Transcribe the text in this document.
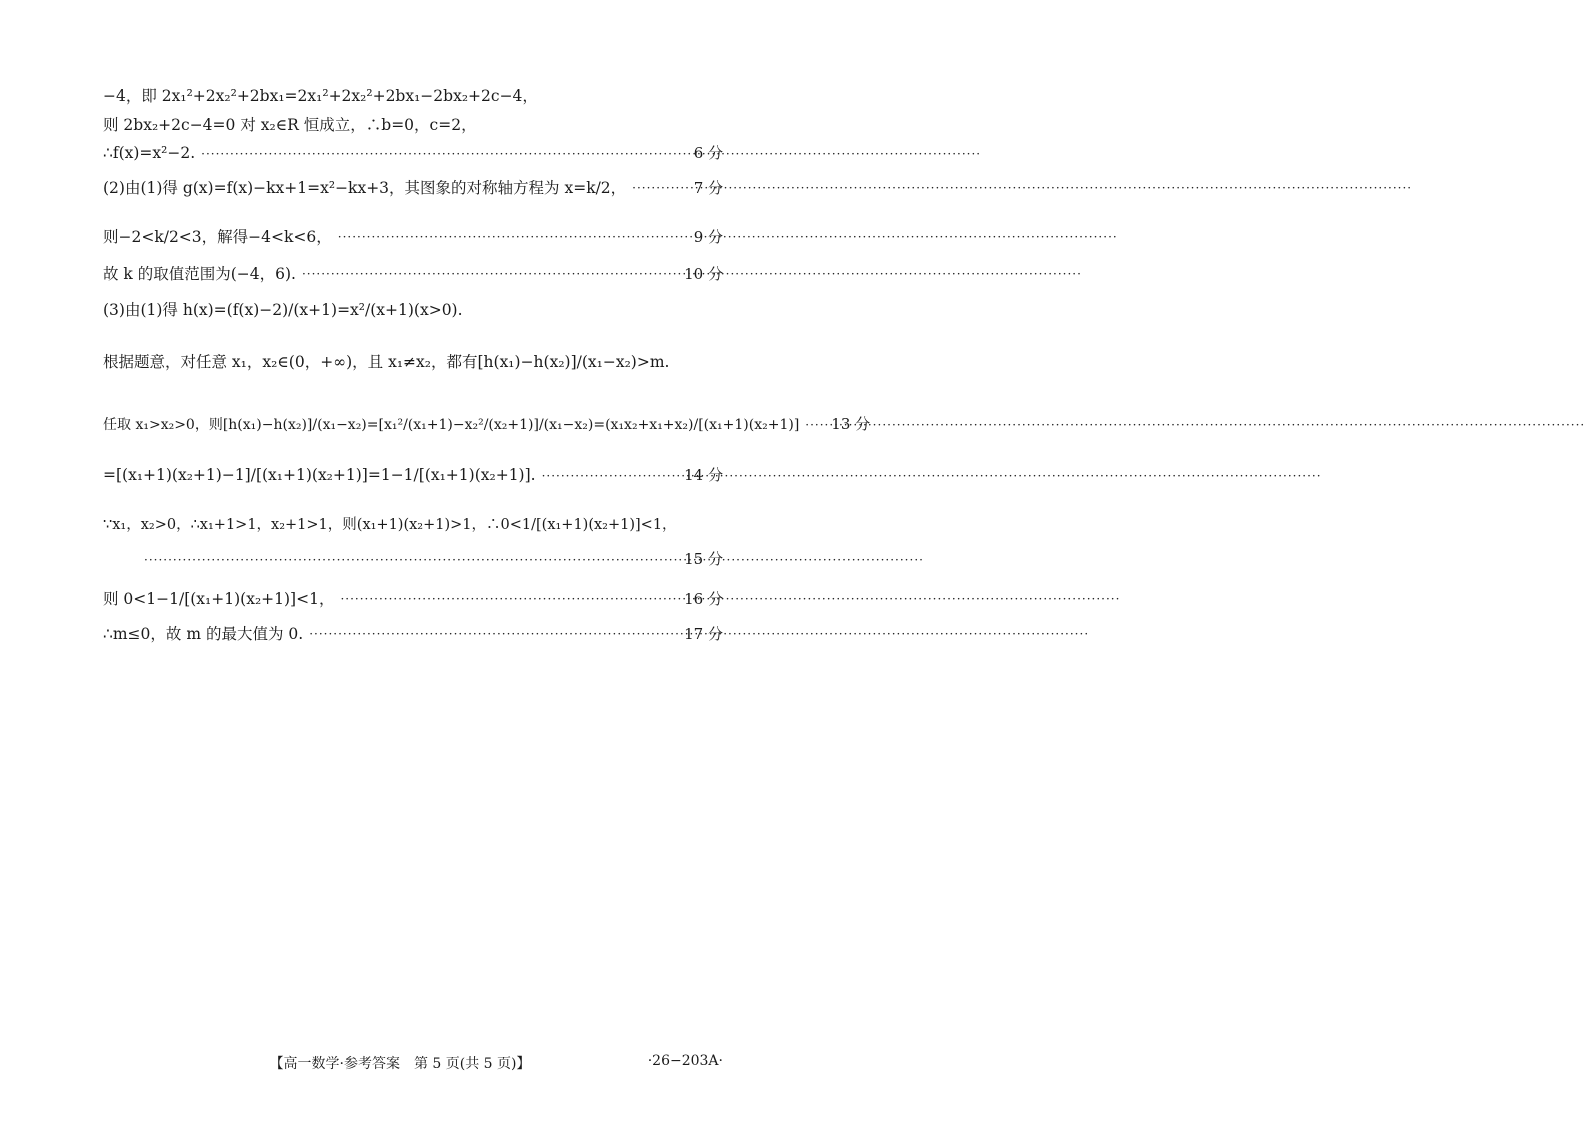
−4，即 2x₁²+2x₂²+2bx₁=2x₁²+2x₂²+2bx₁−2bx₂+2c−4，
则 2bx₂+2c−4=0 对 x₂∈R 恒成立，∴b=0，c=2，
∴f(x)=x²−2. ·····	6 分
(2)由(1)得 g(x)=f(x)−kx+1=x²−kx+3，其图象的对称轴方程为 x=k/2， ·····	7 分
则−2<k/2<3，解得−4<k<6， ·····	9 分
故 k 的取值范围为(−4，6). ·····	10 分
(3)由(1)得 h(x)=(f(x)−2)/(x+1)=x²/(x+1)(x>0).
根据题意，对任意 x₁，x₂∈(0，+∞)，且 x₁≠x₂，都有[h(x₁)−h(x₂)]/(x₁−x₂)>m.
任取 x₁>x₂>0，则[h(x₁)−h(x₂)]/(x₁−x₂)=[x₁²/(x₁+1)−x₂²/(x₂+1)]/(x₁−x₂)=(x₁x₂+x₁+x₂)/[(x₁+1)(x₂+1)] ····· 13 分
=[(x₁+1)(x₂+1)−1]/[(x₁+1)(x₂+1)]=1−1/[(x₁+1)(x₂+1)]. ·····	14 分
∵x₁，x₂>0，∴x₁+1>1，x₂+1>1，则(x₁+1)(x₂+1)>1，∴0<1/[(x₁+1)(x₂+1)]<1，
·····
15 分
则 0<1−1/[(x₁+1)(x₂+1)]<1， ·····	16 分
∴m≤0，故 m 的最大值为 0. ·····	17 分
【高一数学·参考答案　第 5 页(共 5 页)】	·26−203A·
